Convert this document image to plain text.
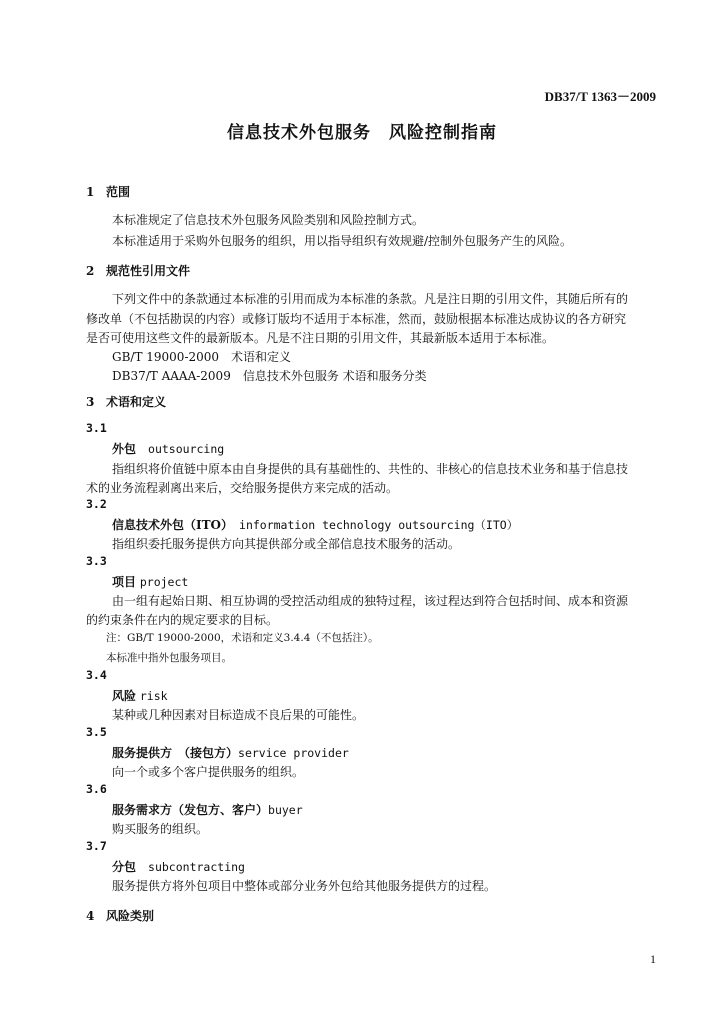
DB37/T 1363－2009
信息技术外包服务　风险控制指南
1 范围
本标准规定了信息技术外包服务风险类别和风险控制方式。
本标准适用于采购外包服务的组织，用以指导组织有效规避/控制外包服务产生的风险。
2 规范性引用文件
下列文件中的条款通过本标准的引用而成为本标准的条款。凡是注日期的引用文件，其随后所有的
修改单（不包括勘误的内容）或修订版均不适用于本标准，然而，鼓励根据本标准达成协议的各方研究
是否可使用这些文件的最新版本。凡是不注日期的引用文件，其最新版本适用于本标准。
GB/T 19000-2000　术语和定义
DB37/T AAAA-2009　信息技术外包服务 术语和服务分类
3 术语和定义
3.1
外包　 outsourcing
指组织将价值链中原本由自身提供的具有基础性的、共性的、非核心的信息技术业务和基于信息技
术的业务流程剥离出来后，交给服务提供方来完成的活动。
3.2
信息技术外包（ITO）　 information technology outsourcing（ITO）
指组织委托服务提供方向其提供部分或全部信息技术服务的活动。
3.3
项目 project
由一组有起始日期、相互协调的受控活动组成的独特过程，该过程达到符合包括时间、成本和资源
的约束条件在内的规定要求的目标。
注：GB/T 19000-2000，术语和定义3.4.4（不包括注）。
本标准中指外包服务项目。
3.4
风险 risk
某种或几种因素对目标造成不良后果的可能性。
3.5
服务提供方　（接包方）service provider
向一个或多个客户提供服务的组织。
3.6
服务需求方（发包方、客户）buyer
购买服务的组织。
3.7
分包　 subcontracting
服务提供方将外包项目中整体或部分业务外包给其他服务提供方的过程。
4 风险类别
1
